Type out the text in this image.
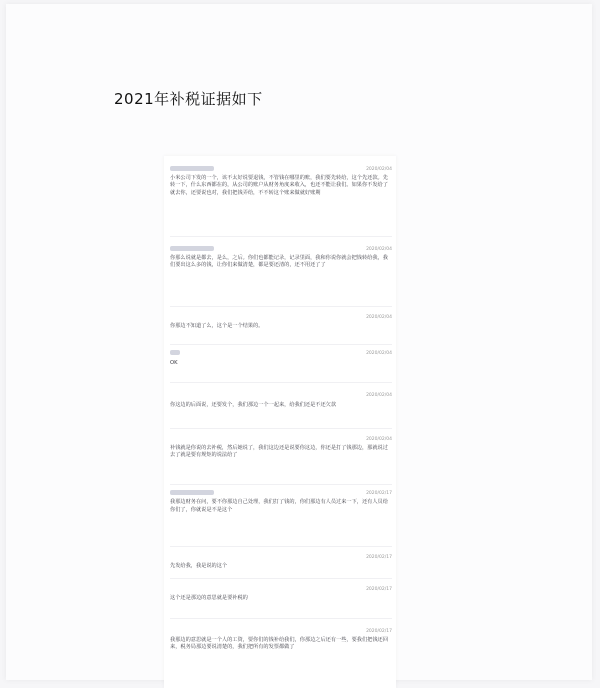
2021年补税证据如下
2020/02/04
小米公司下发的一个，该不太好说要退钱，不管钱在哪里的账，我们要先转给，这个先还款。先转一下，什么东西都在的，从公司的账户从财务角度来收入，也还不能让我们。如果你不发给了就去你，还要说也对，我们把钱弄给，不不转这个账来做就好账期
2020/02/04
你那么说就是都去，是么，之后。你们也都能记录，记录里面，我和你说你就会把钱转给我，我们要出这么多的钱，让你们来做清楚，都是要还清的，还不用还了了
2020/02/04
你那边不知道了么，这个是一个结果的。
2020/02/04
OK
2020/02/04
你这边的后面说，还要发个，我们那边一个一起来，给我们还是不还欠款
2020/02/04
补钱就是你说的去补税，然后她说了，我们这边还是说要你这边，你还是打了钱那边，那就说过去了就是要有规矩的说法给了
2020/02/17
我那边财务在问，要不你那边自己处理，我们打了钱的，你们那边有人员过来一下，还有人员给你们了，你就说是不是这个
2020/02/17
先发给我，我是说的这个
2020/02/17
这个还是那边的意思就是要补税的
2020/02/17
我那边的意思就是一个人的工资，要你们的钱补给我们，你那边之后还有一些，要我们把钱还回来，税务局那边要说清楚的，我们把所有的发票都做了
